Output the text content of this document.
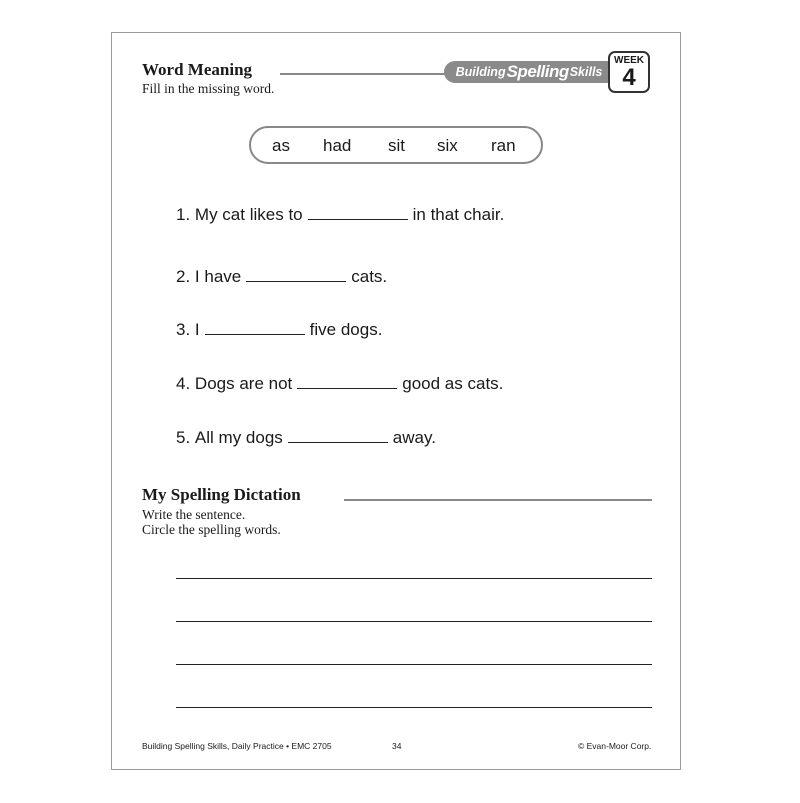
Word Meaning
Fill in the missing word.
Building Spelling Skills
WEEK
4
as had sit six ran
1.
My cat likes to	in that chair.
2.
I have	cats.
3.
I	five dogs.
4.
Dogs are not	good as cats.
5.
All my dogs	away.
My Spelling Dictation
Write the sentence.
Circle the spelling words.
Building Spelling Skills, Daily Practice • EMC 2705	34	© Evan-Moor Corp.
